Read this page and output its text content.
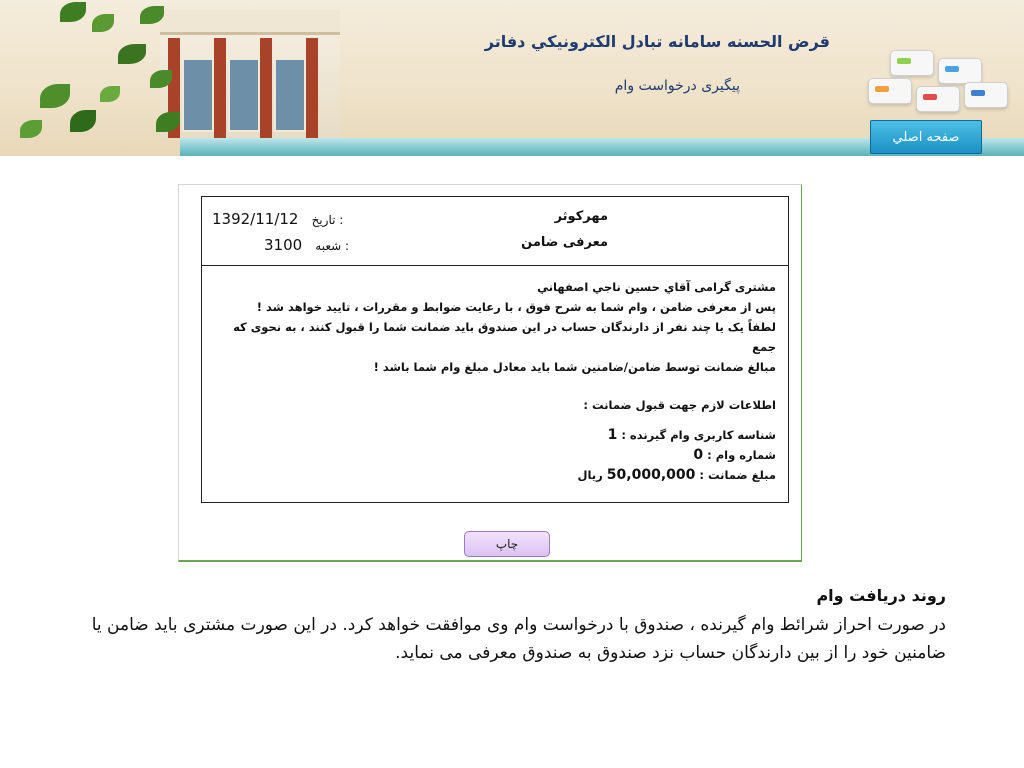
قرض الحسنه سامانه تبادل الكترونيكي دفاتر
پيگيری درخواست وام
صفحه اصلي
مهركوثر
معرفی ضامن
1392/11/12 تاريخ :
3100 شعبه :

مشتری گرامی آقاي حسين ناجي اصفهاني

پس از معرفی ضامن ، وام شما به شرح فوق ، با رعايت ضوابط و مقررات ، تاييد خواهد شد !

لطفاً يک يا چند نفر از دارندگان حساب در اين صندوق بايد ضمانت شما را قبول کنند ، به نحوی که جمع

مبالغ ضمانت توسط ضامن/ضامنين شما بايد معادل مبلغ وام شما باشد !

اطلاعات لازم جهت قبول ضمانت :

شناسه کاربری وام گيرنده : 1

شماره وام : 0

مبلغ ضمانت : 50,000,000 ريال

چاپ

روند دریافت وام

در صورت احراز شرائط وام گیرنده ، صندوق با درخواست وام وی موافقت خواهد کرد. در این صورت مشتری باید ضامن یا ضامنین خود را از بین دارندگان حساب نزد صندوق به صندوق معرفی می نماید.
